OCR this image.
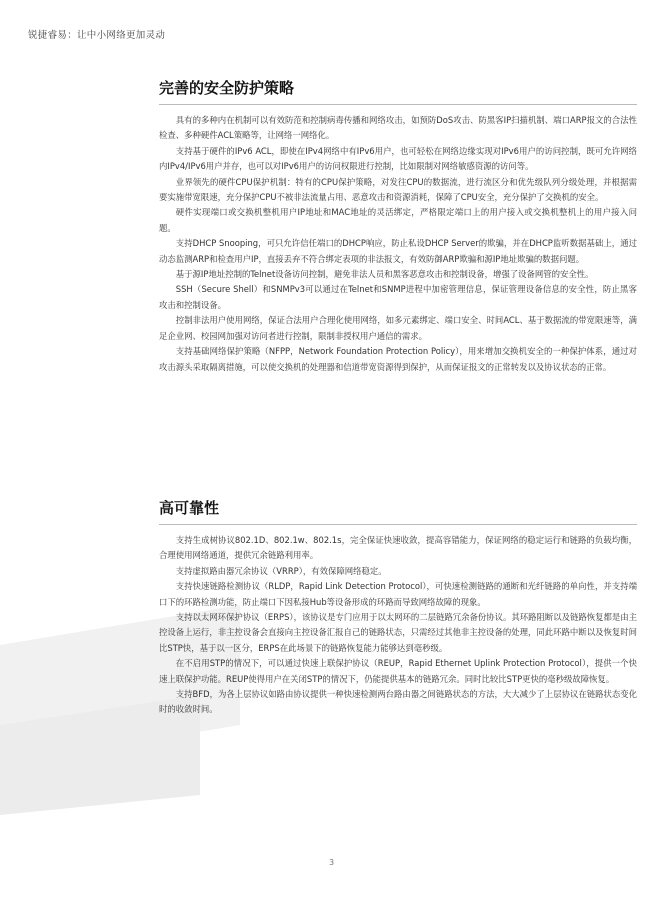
锐捷睿易：让中小网络更加灵动
完善的安全防护策略

具有的多种内在机制可以有效防范和控制病毒传播和网络攻击，如预防DoS攻击、防黑客IP扫描机制、端口ARP报文的合法性检查、多种硬件ACL策略等，让网络一网络化。

支持基于硬件的IPv6 ACL，即使在IPv4网络中有IPv6用户，也可轻松在网络边缘实现对IPv6用户的访问控制，既可允许网络内IPv4/IPv6用户并存，也可以对IPv6用户的访问权限进行控制，比如限制对网络敏感资源的访问等。

业界领先的硬件CPU保护机制：特有的CPU保护策略，对发往CPU的数据流，进行流区分和优先级队列分级处理，并根据需要实施带宽限速，充分保护CPU不被非法流量占用、恶意攻击和资源消耗，保障了CPU安全，充分保护了交换机的安全。

硬件实现端口或交换机整机用户IP地址和MAC地址的灵活绑定，严格限定端口上的用户接入或交换机整机上的用户接入问题。

支持DHCP Snooping，可只允许信任端口的DHCP响应，防止私设DHCP Server的欺骗，并在DHCP监听数据基础上，通过动态监测ARP和检查用户IP，直接丢弃不符合绑定表项的非法报文，有效防御ARP欺骗和源IP地址欺骗的数据问题。

基于源IP地址控制的Telnet设备访问控制，避免非法人员和黑客恶意攻击和控制设备，增强了设备网管的安全性。

SSH（Secure Shell）和SNMPv3可以通过在Telnet和SNMP进程中加密管理信息，保证管理设备信息的安全性，防止黑客攻击和控制设备。

控制非法用户使用网络，保证合法用户合理化使用网络，如多元素绑定、端口安全、时间ACL、基于数据流的带宽限速等，满足企业网、校园网加强对访问者进行控制，限制非授权用户通信的需求。

支持基础网络保护策略（NFPP，Network Foundation Protection Policy），用来增加交换机安全的一种保护体系，通过对攻击源头采取隔离措施，可以使交换机的处理器和信道带宽资源得到保护，从而保证报文的正常转发以及协议状态的正常。

高可靠性

支持生成树协议802.1D、802.1w、802.1s，完全保证快速收敛，提高容错能力，保证网络的稳定运行和链路的负载均衡，合理使用网络通道，提供冗余链路利用率。

支持虚拟路由器冗余协议（VRRP），有效保障网络稳定。

支持快速链路检测协议（RLDP，Rapid Link Detection Protocol），可快速检测链路的通断和光纤链路的单向性，并支持端口下的环路检测功能，防止端口下因私接Hub等设备形成的环路而导致网络故障的现象。

支持以太网环保护协议（ERPS），该协议是专门应用于以太网环的二层链路冗余备份协议。其环路阻断以及链路恢复都是由主控设备上运行，非主控设备会直接向主控设备汇报自己的链路状态，只需经过其他非主控设备的处理，同此环路中断以及恢复时间比STP快，基于以一区分，ERPS在此场景下的链路恢复能力能够达到毫秒级。

在不启用STP的情况下，可以通过快速上联保护协议（REUP，Rapid Ethernet Uplink Protection Protocol），提供一个快速上联保护功能。REUP使得用户在关闭STP的情况下，仍能提供基本的链路冗余。同时比较比STP更快的毫秒级故障恢复。

支持BFD，为各上层协议如路由协议提供一种快速检测两台路由器之间链路状态的方法，大大减少了上层协议在链路状态变化时的收敛时间。

3
